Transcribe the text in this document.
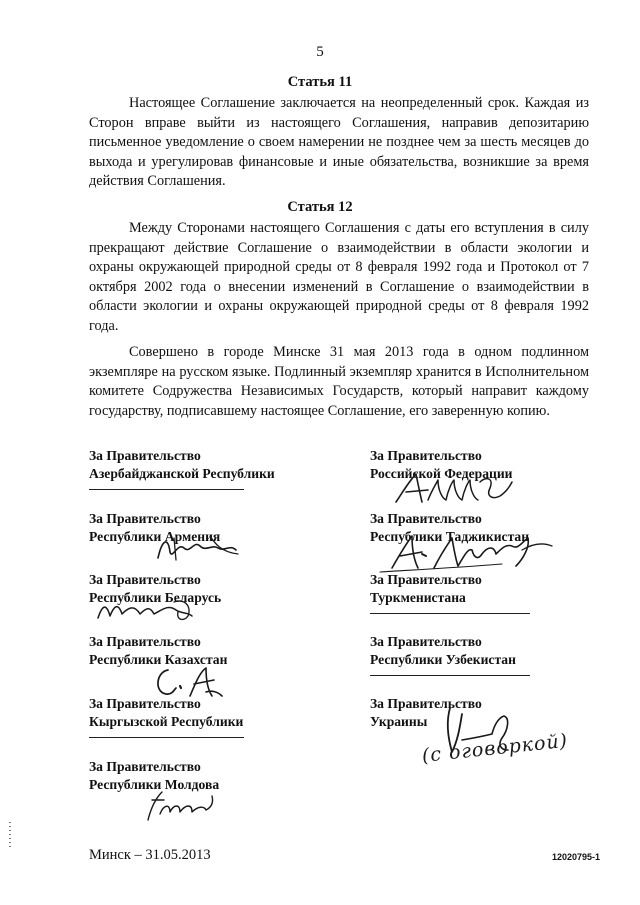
5
Статья 11

Настоящее Соглашение заключается на неопределенный срок. Каждая из Сторон вправе выйти из настоящего Соглашения, направив депозитарию письменное уведомление о своем намерении не позднее чем за шесть месяцев до выхода и урегулировав финансовые и иные обязательства, возникшие за время действия Соглашения.

Статья 12

Между Сторонами настоящего Соглашения с даты его вступления в силу прекращают действие Соглашение о взаимодействии в области экологии и охраны окружающей природной среды от 8 февраля 1992 года и Протокол от 7 октября 2002 года о внесении изменений в Соглашение о взаимодействии в области экологии и охраны окружающей природной среды от 8 февраля 1992 года.

Совершено в городе Минске 31 мая 2013 года в одном подлинном экземпляре на русском языке. Подлинный экземпляр хранится в Исполнительном комитете Содружества Независимых Государств, который направит каждому государству, подписавшему настоящее Соглашение, его заверенную копию.

За Правительство
Азербайджанской Республики
За Правительство
Республики Армения
За Правительство
Республики Беларусь
За Правительство
Республики Казахстан
За Правительство
Кыргызской Республики
За Правительство
Республики Молдова
За Правительство
Российской Федерации
За Правительство
Республики Таджикистан
За Правительство
Туркменистана
За Правительство
Республики Узбекистан
За Правительство
Украины
(с оговоркой)
Минск – 31.05.2013	12020795-1
